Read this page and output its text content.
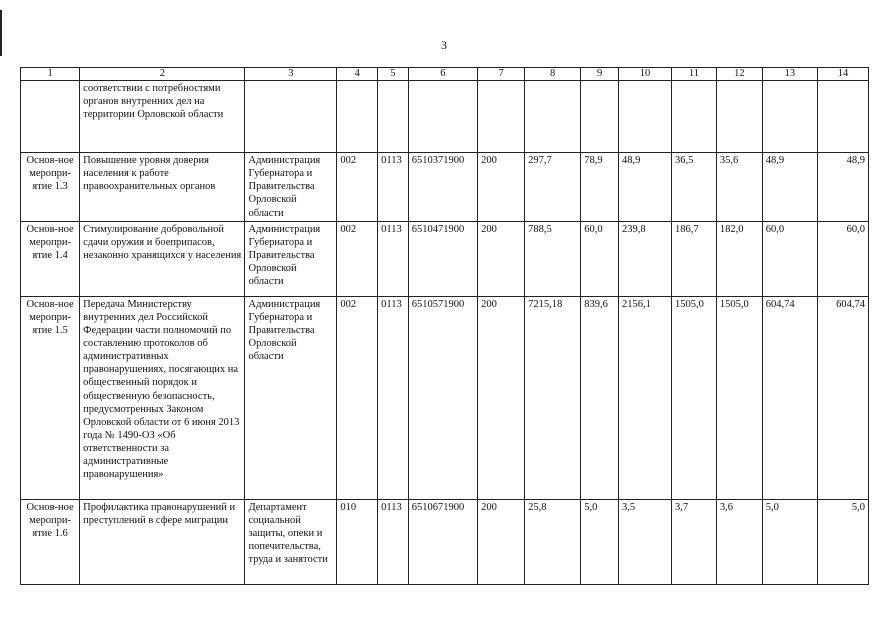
3
1	2	3	4	5	6	7	8	9	10	11	12	13	14
	соответствии с потребностями органов внутренних дел на территории Орловской области												
Основ-ное меропри-ятие 1.3	Повышение уровня доверия населения к работе правоохранительных органов	Администрация Губернатора и Правительства Орловской области	002	0113	6510371900	200	297,7	78,9	48,9	36,5	35,6	48,9	48,9
Основ-ное меропри-ятие 1.4	Стимулирование добровольной сдачи оружия и боеприпасов, незаконно хранящихся у населения	Администрация Губернатора и Правительства Орловской области	002	0113	6510471900	200	788,5	60,0	239,8	186,7	182,0	60,0	60,0
Основ-ное меропри-ятие 1.5	Передача Министерству внутренних дел Российской Федерации части полномочий по составлению протоколов об административных правонарушениях, посягающих на общественный порядок и общественную безопасность, предусмотренных Законом Орловской области от 6 июня 2013 года № 1490-ОЗ «Об ответственности за административные правонарушения»	Администрация Губернатора и Правительства Орловской области	002	0113	6510571900	200	7215,18	839,6	2156,1	1505,0	1505,0	604,74	604,74
Основ-ное меропри-ятие 1.6	Профилактика правонарушений и преступлений в сфере миграции	Департамент социальной защиты, опеки и попечительства, труда и занятости	010	0113	6510671900	200	25,8	5,0	3,5	3,7	3,6	5,0	5,0
